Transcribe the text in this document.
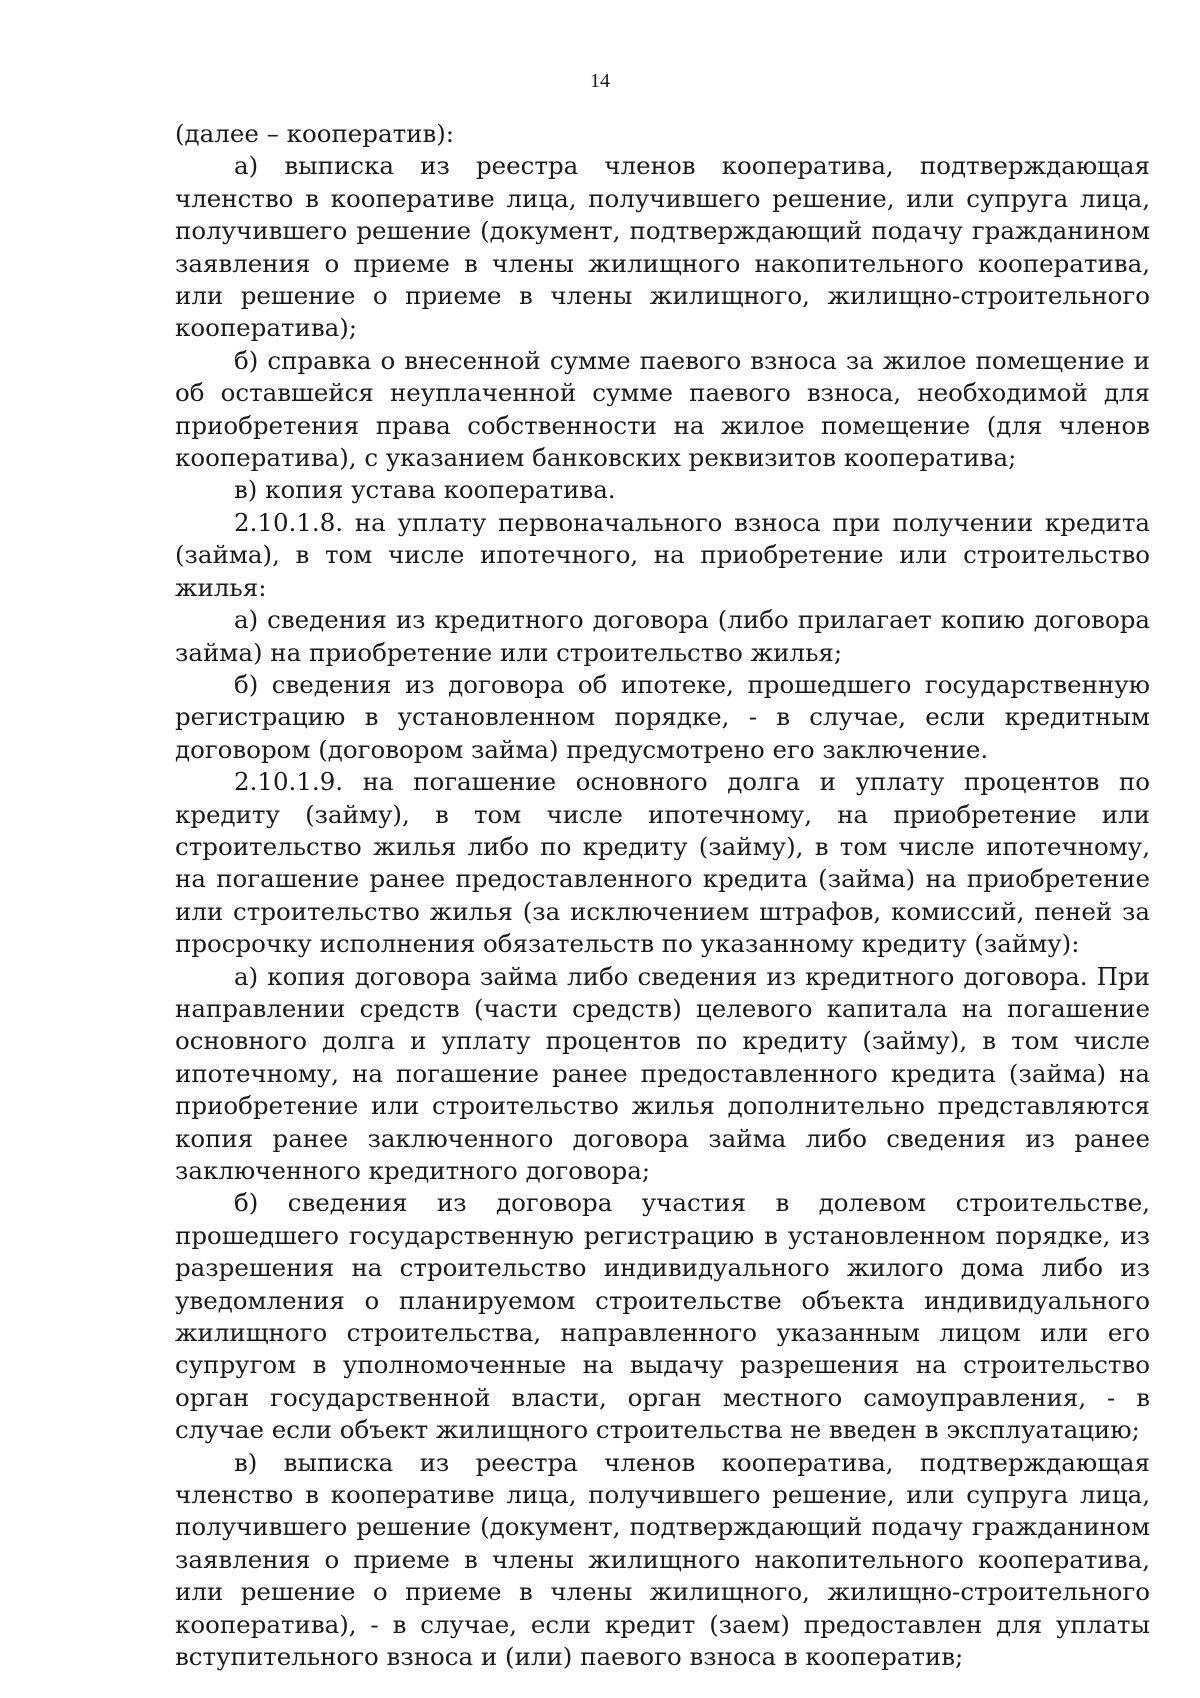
14

(далее – кооператив):

а) выписка из реестра членов кооператива, подтверждающая членство в кооперативе лица, получившего решение, или супруга лица, получившего решение (документ, подтверждающий подачу гражданином заявления о приеме в члены жилищного накопительного кооператива, или решение о приеме в члены жилищного, жилищно-строительного кооператива);

б) справка о внесенной сумме паевого взноса за жилое помещение и об оставшейся неуплаченной сумме паевого взноса, необходимой для приобретения права собственности на жилое помещение (для членов кооператива), с указанием банковских реквизитов кооператива;

в) копия устава кооператива.

2.10.1.8. на уплату первоначального взноса при получении кредита (займа), в том числе ипотечного, на приобретение или строительство жилья:

а) сведения из кредитного договора (либо прилагает копию договора займа) на приобретение или строительство жилья;

б) сведения из договора об ипотеке, прошедшего государственную регистрацию в установленном порядке, - в случае, если кредитным договором (договором займа) предусмотрено его заключение.

2.10.1.9. на погашение основного долга и уплату процентов по кредиту (займу), в том числе ипотечному, на приобретение или строительство жилья либо по кредиту (займу), в том числе ипотечному, на погашение ранее предоставленного кредита (займа) на приобретение или строительство жилья (за исключением штрафов, комиссий, пеней за просрочку исполнения обязательств по указанному кредиту (займу):

а) копия договора займа либо сведения из кредитного договора. При направлении средств (части средств) целевого капитала на погашение основного долга и уплату процентов по кредиту (займу), в том числе ипотечному, на погашение ранее предоставленного кредита (займа) на приобретение или строительство жилья дополнительно представляются копия ранее заключенного договора займа либо сведения из ранее заключенного кредитного договора;

б) сведения из договора участия в долевом строительстве, прошедшего государственную регистрацию в установленном порядке, из разрешения на строительство индивидуального жилого дома либо из уведомления о планируемом строительстве объекта индивидуального жилищного строительства, направленного указанным лицом или его супругом в уполномоченные на выдачу разрешения на строительство орган государственной власти, орган местного самоуправления, - в случае если объект жилищного строительства не введен в эксплуатацию;

в) выписка из реестра членов кооператива, подтверждающая членство в кооперативе лица, получившего решение, или супруга лица, получившего решение (документ, подтверждающий подачу гражданином заявления о приеме в члены жилищного накопительного кооператива, или решение о приеме в члены жилищного, жилищно-строительного кооператива), - в случае, если кредит (заем) предоставлен для уплаты вступительного взноса и (или) паевого взноса в кооператив;
